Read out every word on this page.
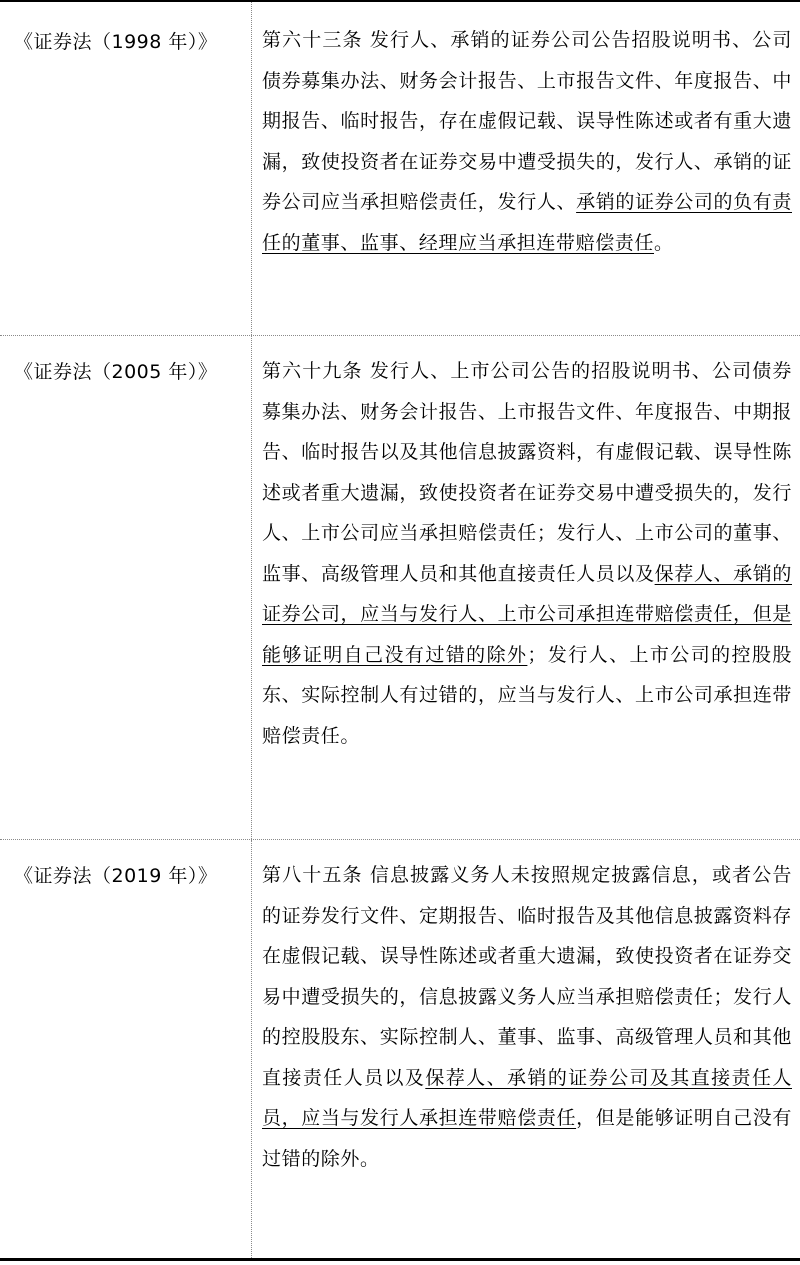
《证券法（1998 年）》 第六十三条 发行人、承销的证券公司公告招股说明书、公司债券募集办法、财务会计报告、上市报告文件、年度报告、中期报告、临时报告，存在虚假记载、误导性陈述或者有重大遗漏，致使投资者在证券交易中遭受损失的，发行人、承销的证券公司应当承担赔偿责任，发行人、承销的证券公司的负有责任的董事、监事、经理应当承担连带赔偿责任。
《证券法（2005 年）》 第六十九条 发行人、上市公司公告的招股说明书、公司债券募集办法、财务会计报告、上市报告文件、年度报告、中期报告、临时报告以及其他信息披露资料，有虚假记载、误导性陈述或者重大遗漏，致使投资者在证券交易中遭受损失的，发行人、上市公司应当承担赔偿责任；发行人、上市公司的董事、监事、高级管理人员和其他直接责任人员以及保荐人、承销的证券公司，应当与发行人、上市公司承担连带赔偿责任，但是能够证明自己没有过错的除外；发行人、上市公司的控股股东、实际控制人有过错的，应当与发行人、上市公司承担连带赔偿责任。
《证券法（2019 年）》 第八十五条 信息披露义务人未按照规定披露信息，或者公告的证券发行文件、定期报告、临时报告及其他信息披露资料存在虚假记载、误导性陈述或者重大遗漏，致使投资者在证券交易中遭受损失的，信息披露义务人应当承担赔偿责任；发行人的控股股东、实际控制人、董事、监事、高级管理人员和其他直接责任人员以及保荐人、承销的证券公司及其直接责任人员，应当与发行人承担连带赔偿责任，但是能够证明自己没有过错的除外。
